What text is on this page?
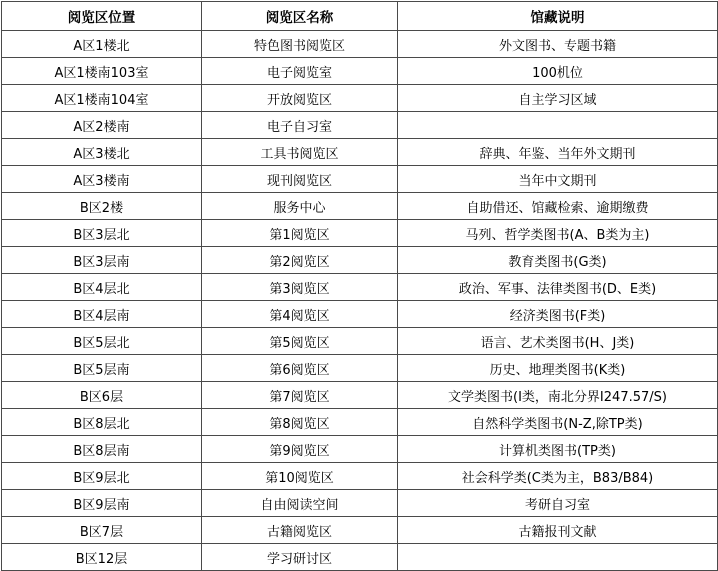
阅览区位置	阅览区名称	馆藏说明
A区1楼北	特色图书阅览区	外文图书、专题书籍
A区1楼南103室	电子阅览室	100机位
A区1楼南104室	开放阅览区	自主学习区域
A区2楼南	电子自习室	
A区3楼北	工具书阅览区	辞典、年鉴、当年外文期刊
A区3楼南	现刊阅览区	当年中文期刊
B区2楼	服务中心	自助借还、馆藏检索、逾期缴费
B区3层北	第1阅览区	马列、哲学类图书(A、B类为主)
B区3层南	第2阅览区	教育类图书(G类)
B区4层北	第3阅览区	政治、军事、法律类图书(D、E类)
B区4层南	第4阅览区	经济类图书(F类)
B区5层北	第5阅览区	语言、艺术类图书(H、J类)
B区5层南	第6阅览区	历史、地理类图书(K类)
B区6层	第7阅览区	文学类图书(I类，南北分界I247.57/S)
B区8层北	第8阅览区	自然科学类图书(N-Z,除TP类)
B区8层南	第9阅览区	计算机类图书(TP类)
B区9层北	第10阅览区	社会科学类(C类为主，B83/B84)
B区9层南	自由阅读空间	考研自习室
B区7层	古籍阅览区	古籍报刊文献
B区12层	学习研讨区	
